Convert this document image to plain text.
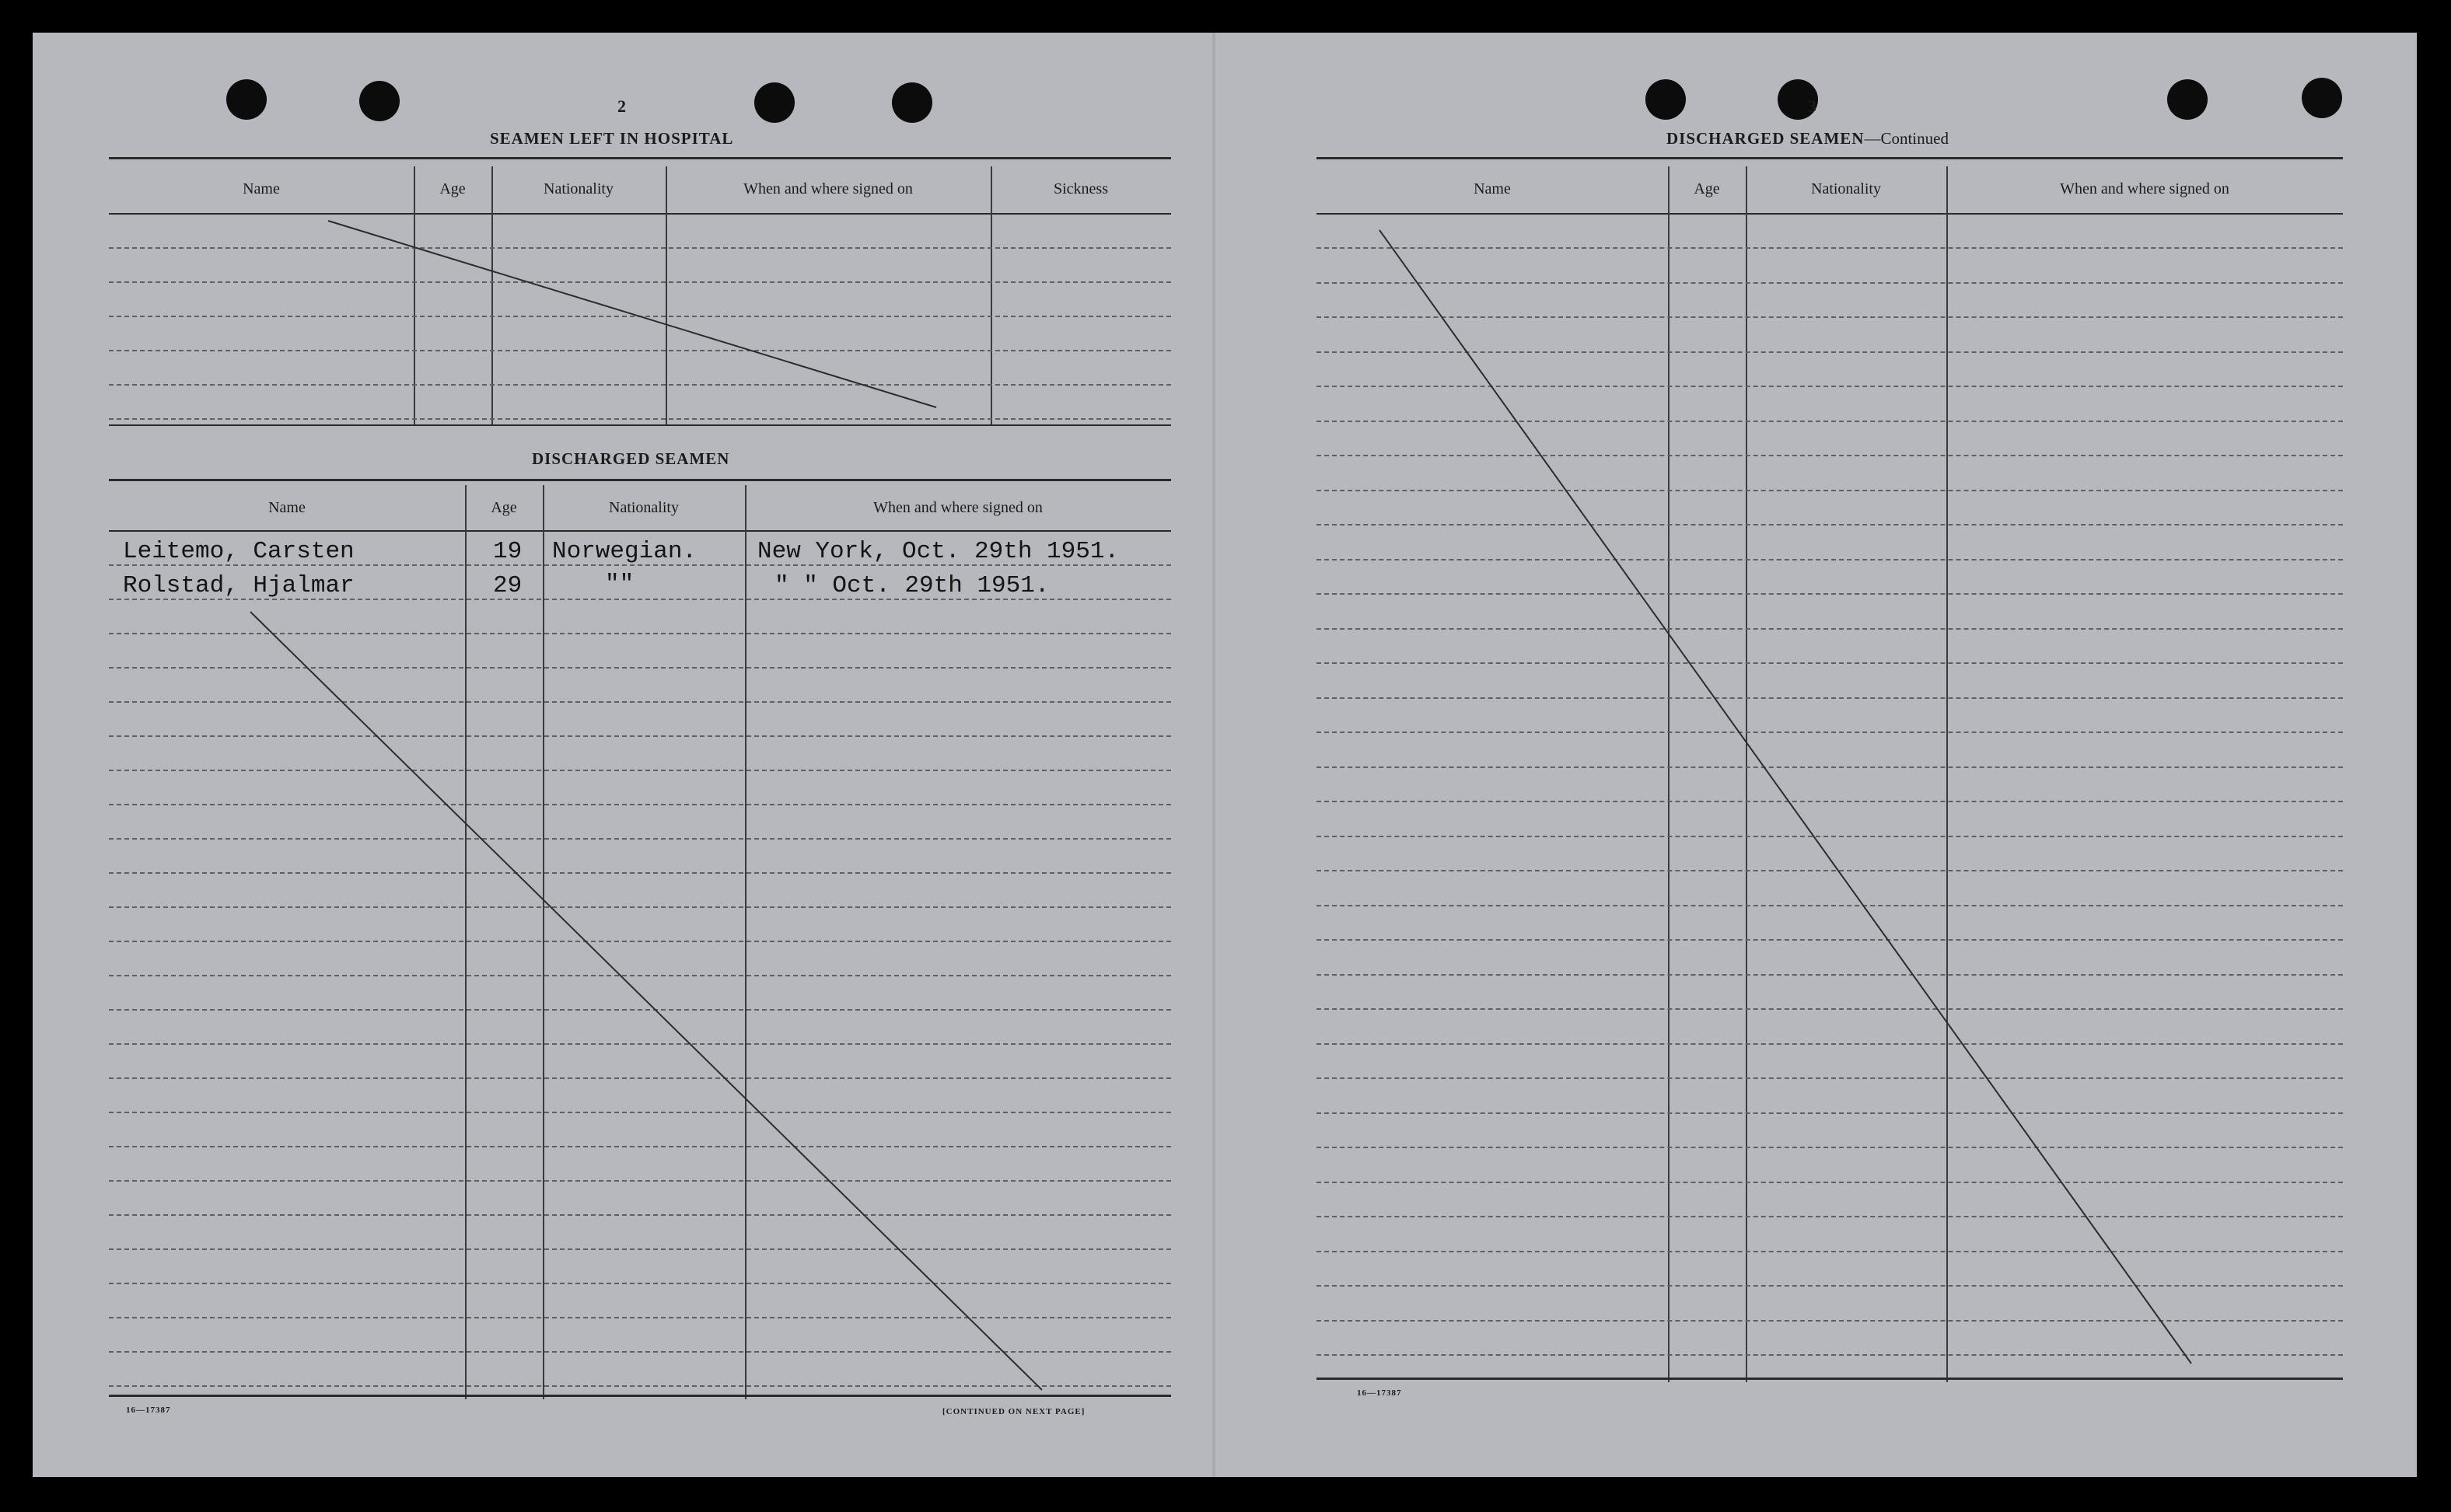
2
SEAMEN LEFT IN HOSPITAL
Name	Age	Nationality	When and where signed on	Sickness
DISCHARGED SEAMEN
Name	Age	Nationality	When and where signed on
Leitemo, Carsten	19 Norwegian.	New York, Oct. 29th 1951.
Rolstad, Hjalmar	29	""	" " Oct. 29th 1951.
16—17387	[CONTINUED ON NEXT PAGE]
3
DISCHARGED SEAMEN—Continued
Name	Age	Nationality	When and where signed on
16—17387
